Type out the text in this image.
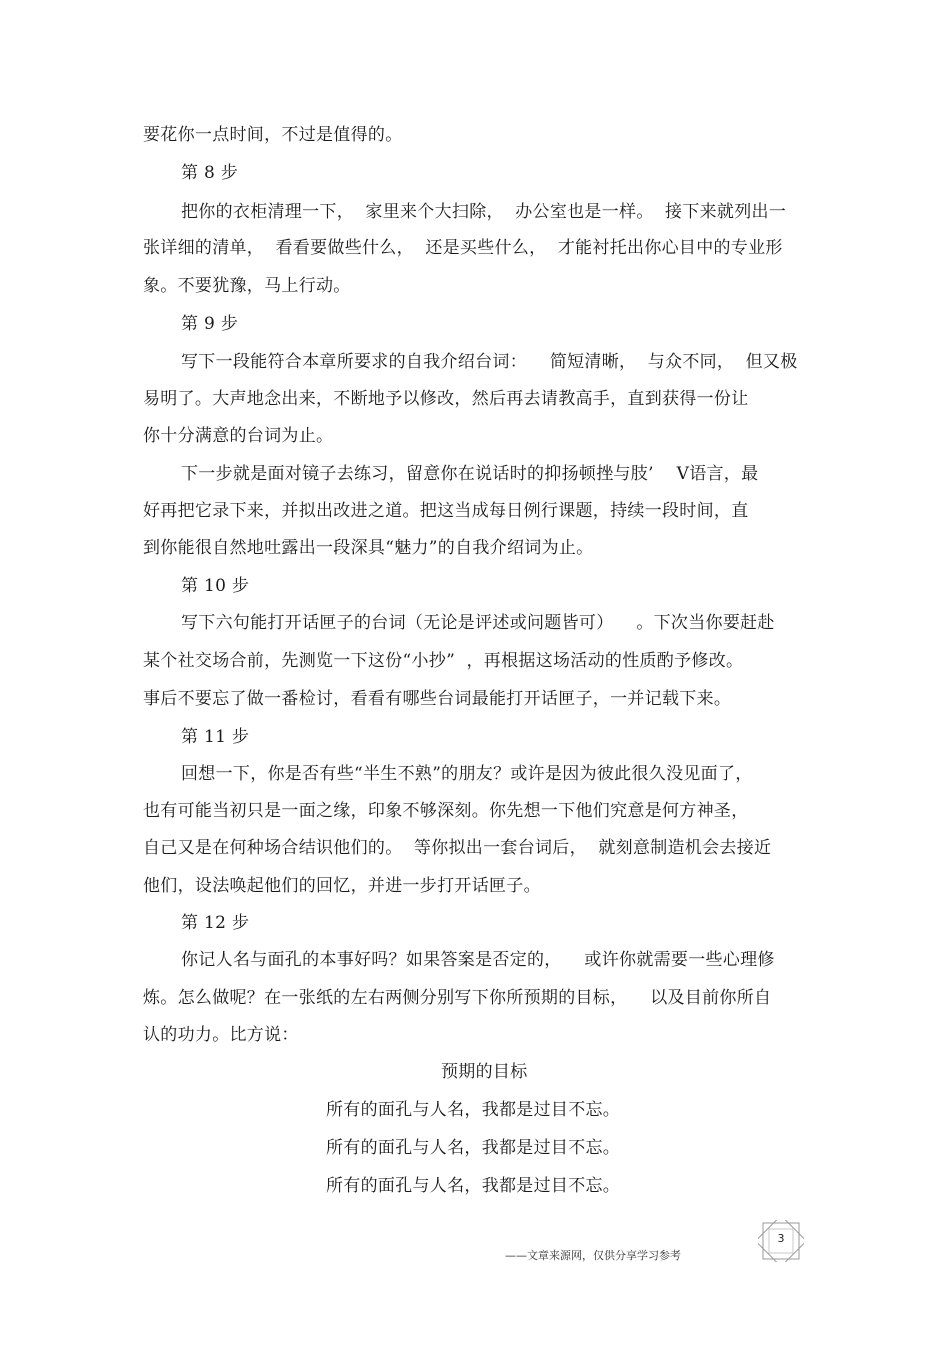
要花你一点时间，不过是值得的。
第 8 步
把你的衣柜清理一下，  家里来个大扫除，  办公室也是一样。  接下来就列出一
张详细的清单，  看看要做些什么，  还是买些什么，  才能衬托出你心目中的专业形
象。不要犹豫，马上行动。
第 9 步
写下一段能符合本章所要求的自我介绍台词：    简短清晰，  与众不同，  但又极
易明了。大声地念出来，不断地予以修改，然后再去请教高手，直到获得一份让
你十分满意的台词为止。
下一步就是面对镜子去练习，留意你在说话时的抑扬顿挫与肢’    V语言，最
好再把它录下来，并拟出改进之道。把这当成每日例行课题，持续一段时间，直
到你能很自然地吐露出一段深具“魅力”的自我介绍词为止。
第 10 步
写下六句能打开话匣子的台词（无论是评述或问题皆可）    。下次当你要赶赴
某个社交场合前，先测览一下这份“小抄”  ，再根据这场活动的性质酌予修改。
事后不要忘了做一番检讨，看看有哪些台词最能打开话匣子，一并记载下来。
第 11 步
回想一下，你是否有些“半生不熟”的朋友？或许是因为彼此很久没见面了，
也有可能当初只是一面之缘，印象不够深刻。你先想一下他们究意是何方神圣，
自己又是在何种场合结识他们的。  等你拟出一套台词后，  就刻意制造机会去接近
他们，设法唤起他们的回忆，并进一步打开话匣子。
第 12 步
你记人名与面孔的本事好吗？如果答案是否定的，    或许你就需要一些心理修
炼。怎么做呢？在一张纸的左右两侧分别写下你所预期的目标，    以及目前你所自
认的功力。比方说：
预期的目标
所有的面孔与人名，我都是过目不忘。
所有的面孔与人名，我都是过目不忘。
所有的面孔与人名，我都是过目不忘。
3
——文章来源网，仅供分享学习参考
